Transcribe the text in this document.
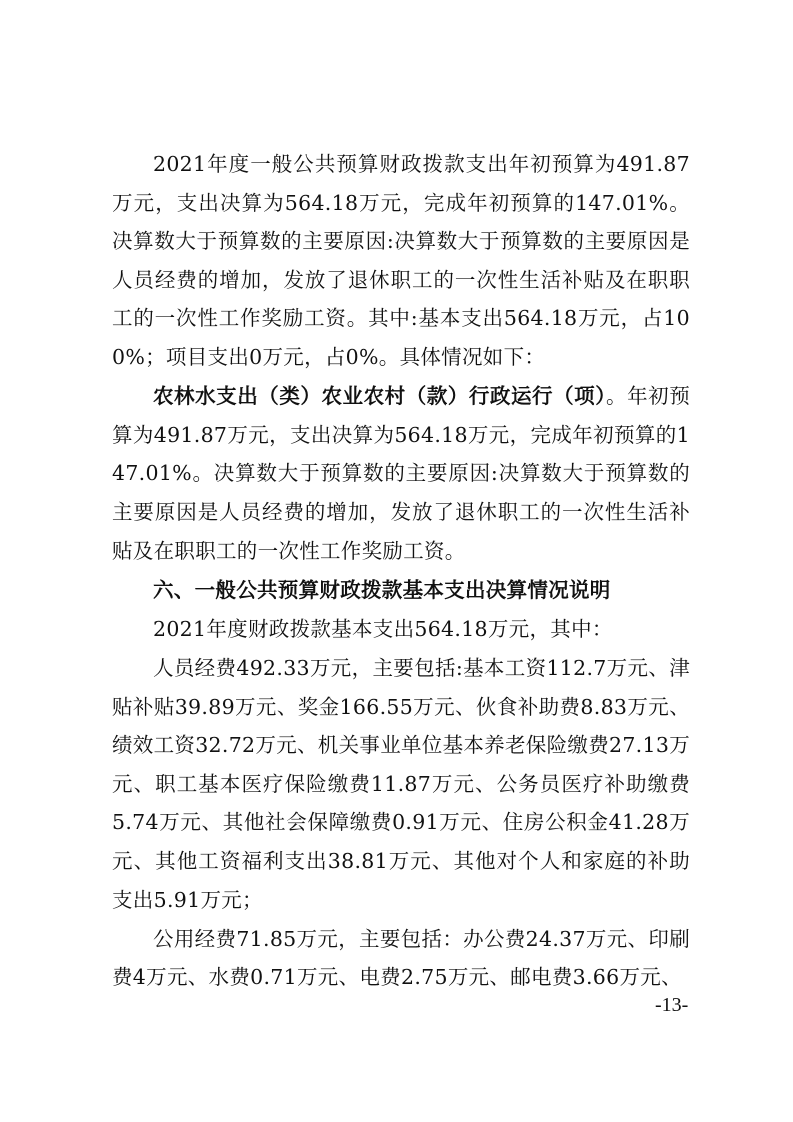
2021年度一般公共预算财政拨款支出年初预算为491.87万元，支出决算为564.18万元，完成年初预算的147.01%。决算数大于预算数的主要原因:决算数大于预算数的主要原因是人员经费的增加，发放了退休职工的一次性生活补贴及在职职工的一次性工作奖励工资。其中:基本支出564.18万元，占100%；项目支出0万元，占0%。具体情况如下：

农林水支出（类）农业农村（款）行政运行（项）。年初预算为491.87万元，支出决算为564.18万元，完成年初预算的147.01%。决算数大于预算数的主要原因:决算数大于预算数的主要原因是人员经费的增加，发放了退休职工的一次性生活补贴及在职职工的一次性工作奖励工资。

六、一般公共预算财政拨款基本支出决算情况说明

2021年度财政拨款基本支出564.18万元，其中：

人员经费492.33万元，主要包括:基本工资112.7万元、津贴补贴39.89万元、奖金166.55万元、伙食补助费8.83万元、绩效工资32.72万元、机关事业单位基本养老保险缴费27.13万元、职工基本医疗保险缴费11.87万元、公务员医疗补助缴费5.74万元、其他社会保障缴费0.91万元、住房公积金41.28万元、其他工资福利支出38.81万元、其他对个人和家庭的补助支出5.91万元；

公用经费71.85万元，主要包括：办公费24.37万元、印刷费4万元、水费0.71万元、电费2.75万元、邮电费3.66万元、

-13-
